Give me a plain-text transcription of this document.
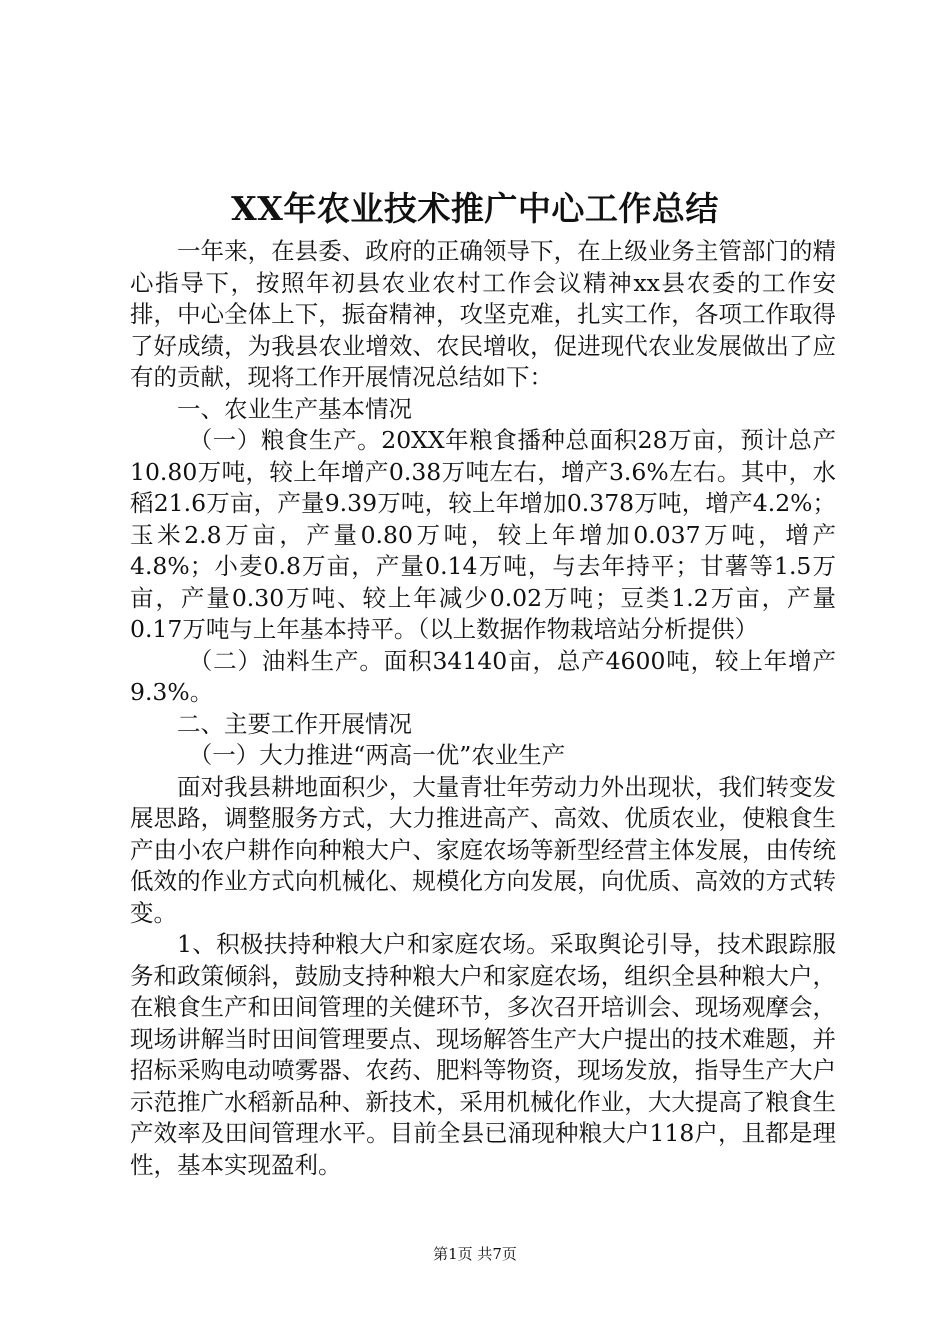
XX年农业技术推广中心工作总结

一年来，在县委、政府的正确领导下，在上级业务主管部门的精心指导下，按照年初县农业农村工作会议精神xx县农委的工作安排，中心全体上下，振奋精神，攻坚克难，扎实工作，各项工作取得了好成绩，为我县农业增效、农民增收，促进现代农业发展做出了应有的贡献，现将工作开展情况总结如下：

一、农业生产基本情况

（一）粮食生产。20XX年粮食播种总面积28万亩，预计总产10.80万吨，较上年增产0.38万吨左右，增产3.6%左右。其中，水稻21.6万亩，产量9.39万吨，较上年增加0.378万吨，增产4.2%；玉米2.8万亩，产量0.80万吨，较上年增加0.037万吨，增产4.8%；小麦0.8万亩，产量0.14万吨，与去年持平；甘薯等1.5万亩，产量0.30万吨、较上年减少0.02万吨；豆类1.2万亩，产量0.17万吨与上年基本持平。（以上数据作物栽培站分析提供）

（二）油料生产。面积34140亩，总产4600吨，较上年增产9.3%。

二、主要工作开展情况

（一）大力推进“两高一优”农业生产

面对我县耕地面积少，大量青壮年劳动力外出现状，我们转变发展思路，调整服务方式，大力推进高产、高效、优质农业，使粮食生产由小农户耕作向种粮大户、家庭农场等新型经营主体发展，由传统低效的作业方式向机械化、规模化方向发展，向优质、高效的方式转变。

1、积极扶持种粮大户和家庭农场。采取舆论引导，技术跟踪服务和政策倾斜，鼓励支持种粮大户和家庭农场，组织全县种粮大户，在粮食生产和田间管理的关健环节，多次召开培训会、现场观摩会，现场讲解当时田间管理要点、现场解答生产大户提出的技术难题，并招标采购电动喷雾器、农药、肥料等物资，现场发放，指导生产大户示范推广水稻新品种、新技术，采用机械化作业，大大提高了粮食生产效率及田间管理水平。目前全县已涌现种粮大户118户，且都是理性，基本实现盈利。

第1页 共7页
